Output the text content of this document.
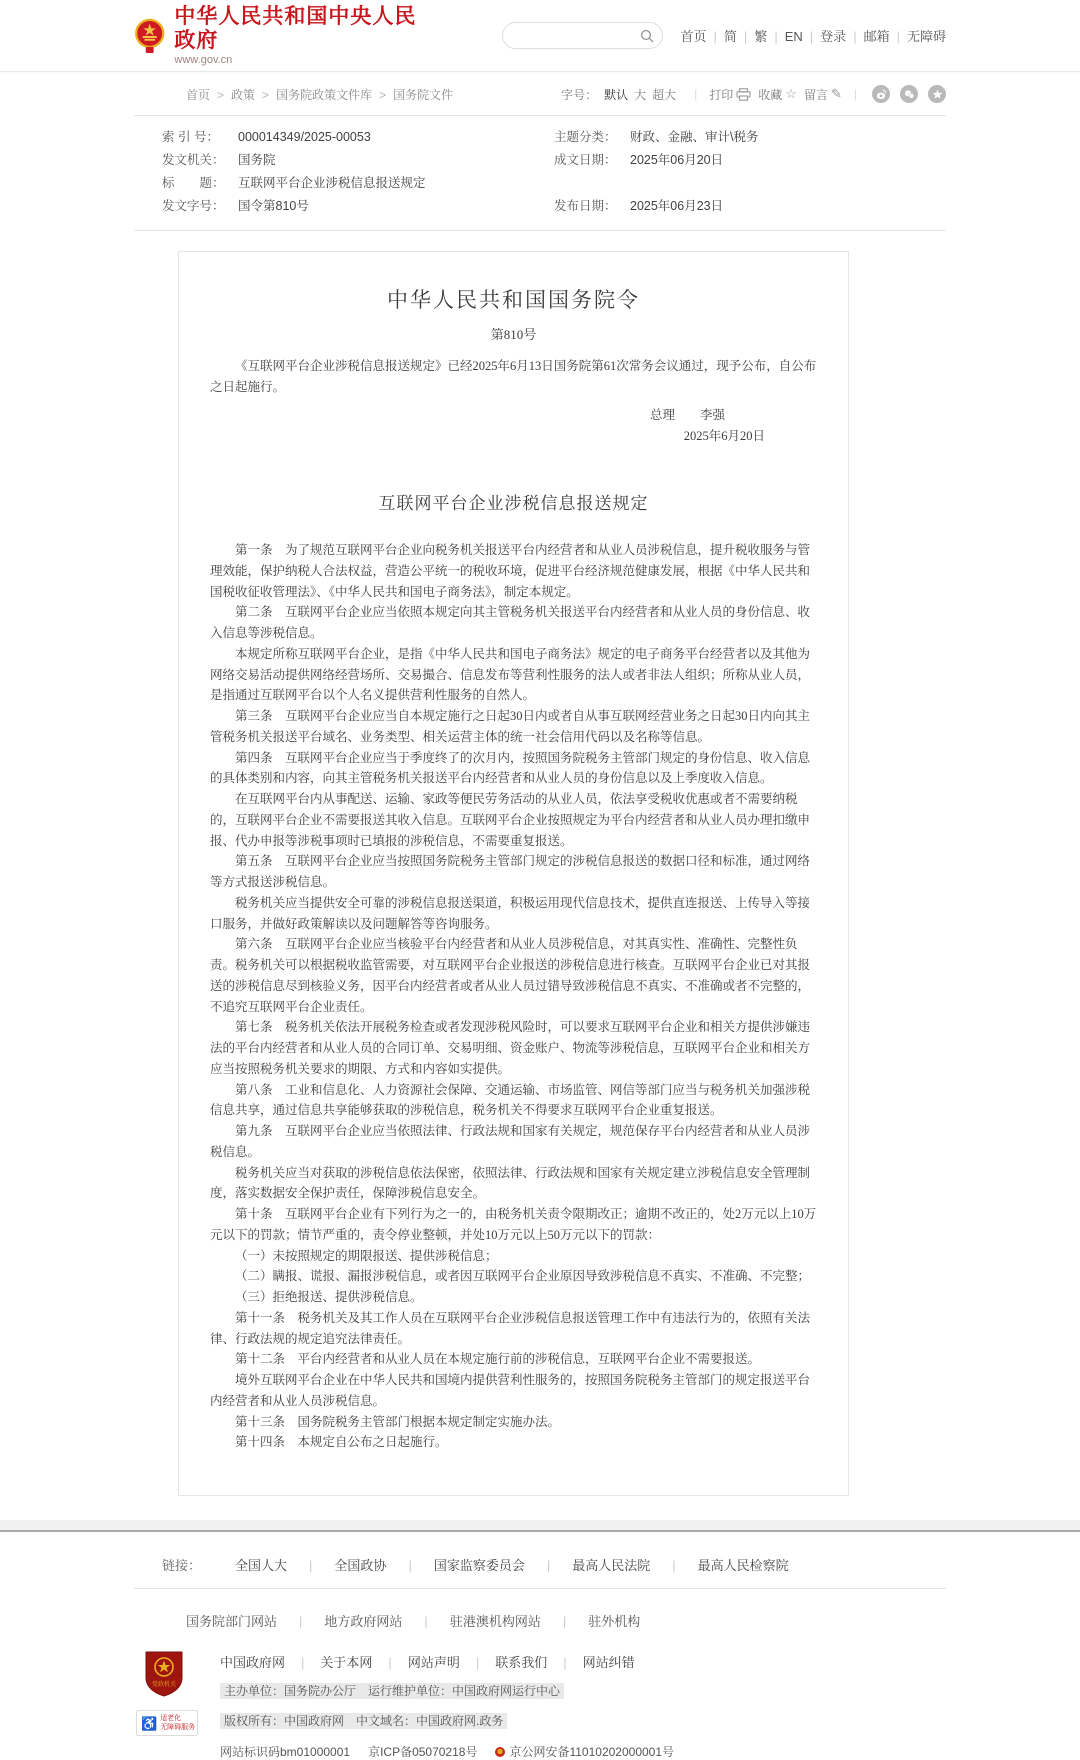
中华人民共和国中央人民政府
www.gov.cn
首页 | 简 | 繁 | EN | 登录 | 邮箱 | 无障碍
首页 > 政策 > 国务院政策文件库 > 国务院文件	字号： 默认 大 超大	| 打印 收藏 ☆ 留言 ✎ |
索 引 号：	000014349/2025-00053	主题分类：	财政、金融、审计\税务
发文机关：	国务院	成文日期：	2025年06月20日
标　　题：	互联网平台企业涉税信息报送规定
发文字号：	国令第810号	发布日期：	2025年06月23日
中华人民共和国国务院令
第810号

《互联网平台企业涉税信息报送规定》已经2025年6月13日国务院第61次常务会议通过，现予公布，自公布之日起施行。

总理　　李强

2025年6月20日

互联网平台企业涉税信息报送规定

第一条　为了规范互联网平台企业向税务机关报送平台内经营者和从业人员涉税信息，提升税收服务与管理效能，保护纳税人合法权益，营造公平统一的税收环境，促进平台经济规范健康发展，根据《中华人民共和国税收征收管理法》、《中华人民共和国电子商务法》，制定本规定。

第二条　互联网平台企业应当依照本规定向其主管税务机关报送平台内经营者和从业人员的身份信息、收入信息等涉税信息。

本规定所称互联网平台企业，是指《中华人民共和国电子商务法》规定的电子商务平台经营者以及其他为网络交易活动提供网络经营场所、交易撮合、信息发布等营利性服务的法人或者非法人组织；所称从业人员，是指通过互联网平台以个人名义提供营利性服务的自然人。

第三条　互联网平台企业应当自本规定施行之日起30日内或者自从事互联网经营业务之日起30日内向其主管税务机关报送平台域名、业务类型、相关运营主体的统一社会信用代码以及名称等信息。

第四条　互联网平台企业应当于季度终了的次月内，按照国务院税务主管部门规定的身份信息、收入信息的具体类别和内容，向其主管税务机关报送平台内经营者和从业人员的身份信息以及上季度收入信息。

在互联网平台内从事配送、运输、家政等便民劳务活动的从业人员，依法享受税收优惠或者不需要纳税的，互联网平台企业不需要报送其收入信息。互联网平台企业按照规定为平台内经营者和从业人员办理扣缴申报、代办申报等涉税事项时已填报的涉税信息，不需要重复报送。

第五条　互联网平台企业应当按照国务院税务主管部门规定的涉税信息报送的数据口径和标准，通过网络等方式报送涉税信息。

税务机关应当提供安全可靠的涉税信息报送渠道，积极运用现代信息技术，提供直连报送、上传导入等接口服务，并做好政策解读以及问题解答等咨询服务。

第六条　互联网平台企业应当核验平台内经营者和从业人员涉税信息，对其真实性、准确性、完整性负责。税务机关可以根据税收监管需要，对互联网平台企业报送的涉税信息进行核查。互联网平台企业已对其报送的涉税信息尽到核验义务，因平台内经营者或者从业人员过错导致涉税信息不真实、不准确或者不完整的，不追究互联网平台企业责任。

第七条　税务机关依法开展税务检查或者发现涉税风险时，可以要求互联网平台企业和相关方提供涉嫌违法的平台内经营者和从业人员的合同订单、交易明细、资金账户、物流等涉税信息，互联网平台企业和相关方应当按照税务机关要求的期限、方式和内容如实提供。

第八条　工业和信息化、人力资源社会保障、交通运输、市场监管、网信等部门应当与税务机关加强涉税信息共享，通过信息共享能够获取的涉税信息，税务机关不得要求互联网平台企业重复报送。

第九条　互联网平台企业应当依照法律、行政法规和国家有关规定，规范保存平台内经营者和从业人员涉税信息。

税务机关应当对获取的涉税信息依法保密，依照法律、行政法规和国家有关规定建立涉税信息安全管理制度，落实数据安全保护责任，保障涉税信息安全。

第十条　互联网平台企业有下列行为之一的，由税务机关责令限期改正；逾期不改正的，处2万元以上10万元以下的罚款；情节严重的，责令停业整顿，并处10万元以上50万元以下的罚款：

（一）未按照规定的期限报送、提供涉税信息；

（二）瞒报、谎报、漏报涉税信息，或者因互联网平台企业原因导致涉税信息不真实、不准确、不完整；

（三）拒绝报送、提供涉税信息。

第十一条　税务机关及其工作人员在互联网平台企业涉税信息报送管理工作中有违法行为的，依照有关法律、行政法规的规定追究法律责任。

第十二条　平台内经营者和从业人员在本规定施行前的涉税信息，互联网平台企业不需要报送。

境外互联网平台企业在中华人民共和国境内提供营利性服务的，按照国务院税务主管部门的规定报送平台内经营者和从业人员涉税信息。

第十三条　国务院税务主管部门根据本规定制定实施办法。

第十四条　本规定自公布之日起施行。

链接：	全国人大	| 全国政协	| 国家监察委员会	| 最高人民法院	| 最高人民检察院
国务院部门网站	| 地方政府网站	| 驻港澳机构网站	| 驻外机构
党政机关
♿ 适老化
无障碍服务
中国政府网	| 关于本网	| 网站声明	| 联系我们	| 网站纠错
主办单位：国务院办公厅　运行维护单位：中国政府网运行中心
版权所有：中国政府网　中文域名：中国政府网.政务
网站标识码bm01000001 京ICP备05070218号	京公网安备11010202000001号
